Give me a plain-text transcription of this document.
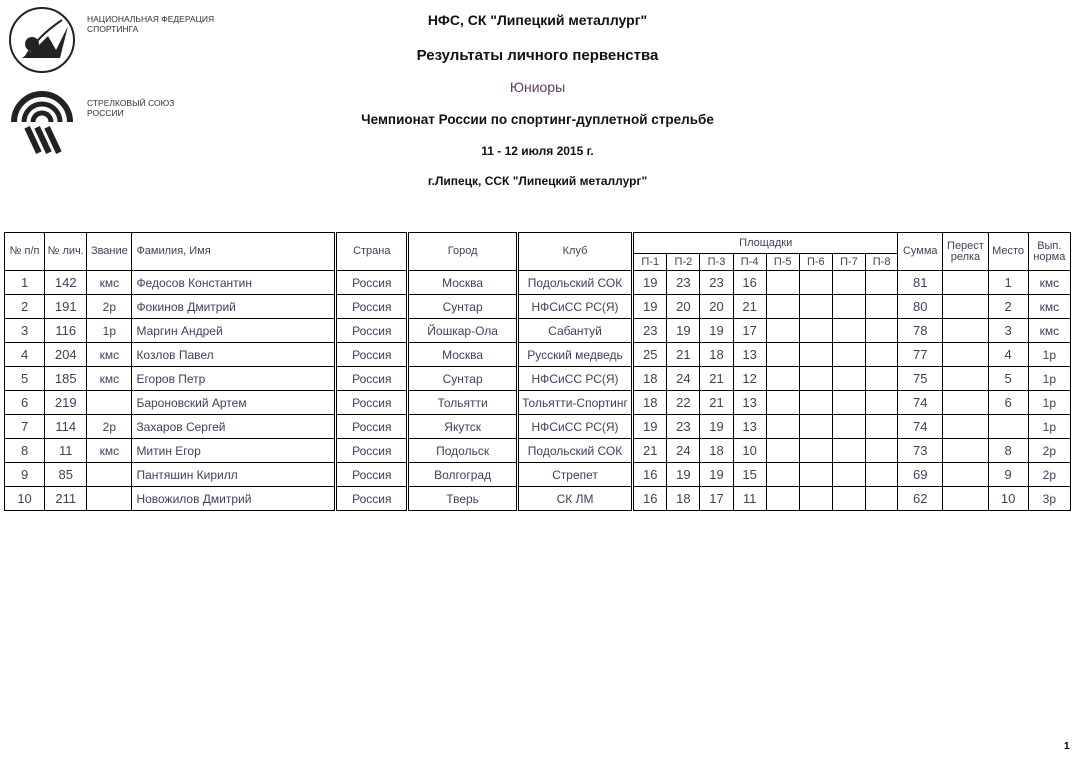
НАЦИОНАЛЬНАЯ ФЕДЕРАЦИЯ СПОРТИНГА
СТРЕЛКОВЫЙ СОЮЗ РОССИИ
НФС, СК "Липецкий металлург"
Результаты личного первенства
Юниоры
Чемпионат России по спортинг-дуплетной стрельбе
11 - 12 июля 2015 г.
г.Липецк, ССК "Липецкий металлург"
№ п/п	№ лич.	Звание	Фамилия, Имя		Страна		Город		Клуб		Площадки								Сумма	Перестрелка	Место	Вып. норма
											П-1	П-2	П-3	П-4	П-5	П-6	П-7	П-8				
1	142	кмс	Федосов Константин		Россия		Москва		Подольский СОК		19	23	23	16					81		1	кмс
2	191	2р	Фокинов Дмитрий		Россия		Сунтар		НФСиСС РС(Я)		19	20	20	21					80		2	кмс
3	116	1р	Маргин Андрей		Россия		Йошкар-Ола		Сабантуй		23	19	19	17					78		3	кмс
4	204	кмс	Козлов Павел		Россия		Москва		Русский медведь		25	21	18	13					77		4	1р
5	185	кмс	Егоров Петр		Россия		Сунтар		НФСиСС РС(Я)		18	24	21	12					75		5	1р
6	219		Бароновский Артем		Россия		Тольятти		Тольятти-Спортинг		18	22	21	13					74		6	1р
7	114	2р	Захаров Сергей		Россия		Якутск		НФСиСС РС(Я)		19	23	19	13					74			1р
8	11	кмс	Митин Егор		Россия		Подольск		Подольский СОК		21	24	18	10					73		8	2р
9	85		Пантяшин Кирилл		Россия		Волгоград		Стрепет		16	19	19	15					69		9	2р
10	211		Новожилов Дмитрий		Россия		Тверь		СК ЛМ		16	18	17	11					62		10	3р
1
